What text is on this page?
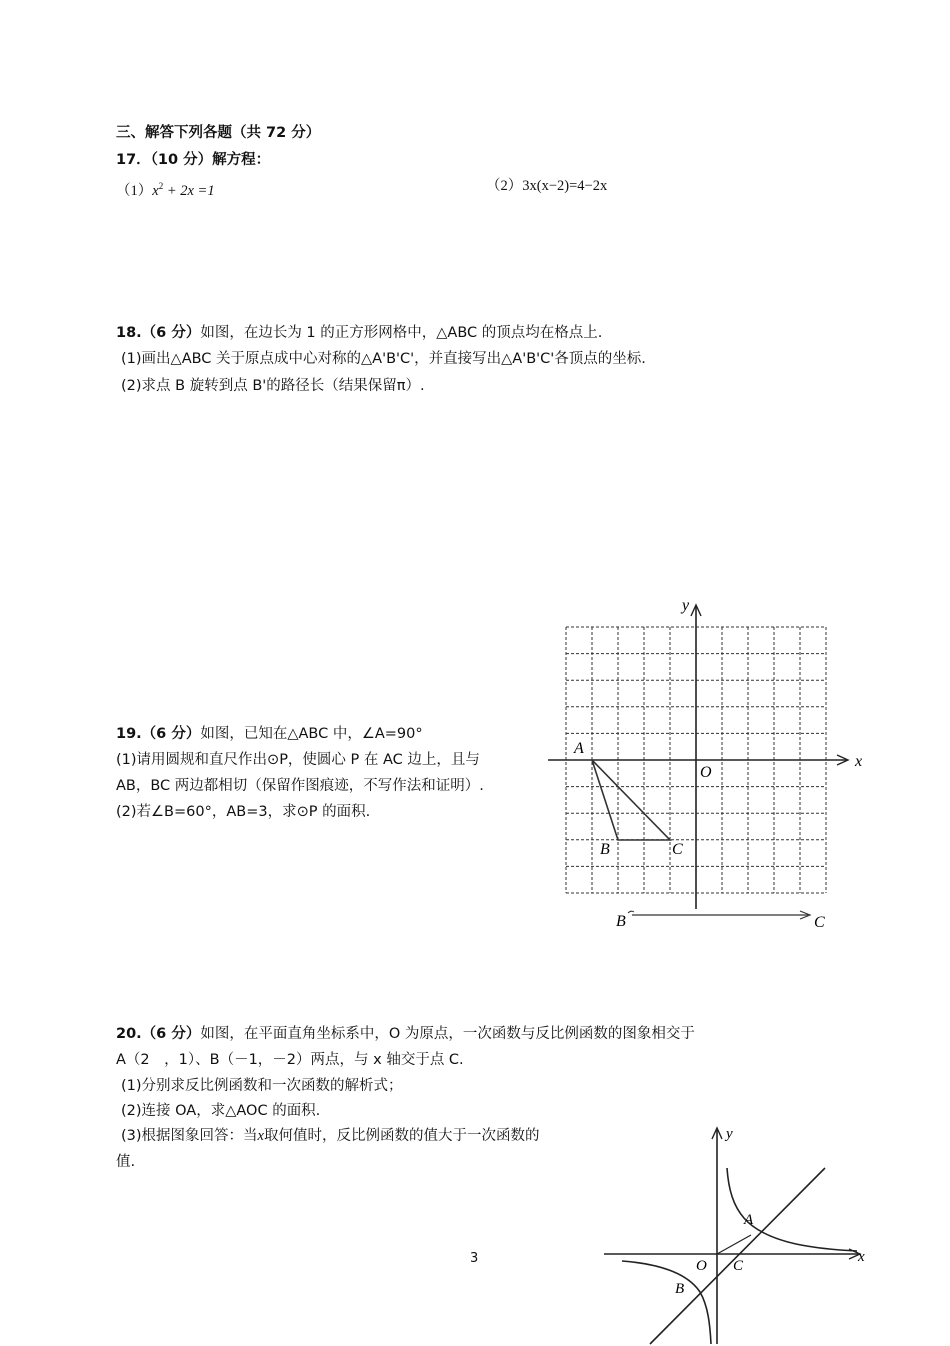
三、解答下列各题（共 72 分）
17．（10 分）解方程：
$(1)x^2 + 2x =1$	（2）3x(x−2)=4−2x
18.（6 分）如图，在边长为 1 的正方形网格中，△ABC 的顶点均在格点上.
(1)画出△ABC 关于原点成中心对称的△A'B'C'，并直接写出△A'B'C'各顶点的坐标.
(2)求点 B 旋转到点 B'的路径长（结果保留π）.
19.（6 分）如图，已知在△ABC 中，∠A=90°
(1)请用圆规和直尺作出⊙P，使圆心 P 在 AC 边上，且与
AB，BC 两边都相切（保留作图痕迹，不写作法和证明）.
(2)若∠B=60°，AB=3，求⊙P 的面积.
y
x
O
A
B	C
B	C
20.（6 分）如图，在平面直角坐标系中，O 为原点，一次函数与反比例函数的图象相交于
A（2　，1）、B（－1，－2）两点，与 x 轴交于点 C.
(1)分别求反比例函数和一次函数的解析式；
(2)连接 OA，求△AOC 的面积.
(3)根据图象回答：当x取何值时，反比例函数的值大于一次函数的
值.
3
y
x
O C
A
B
